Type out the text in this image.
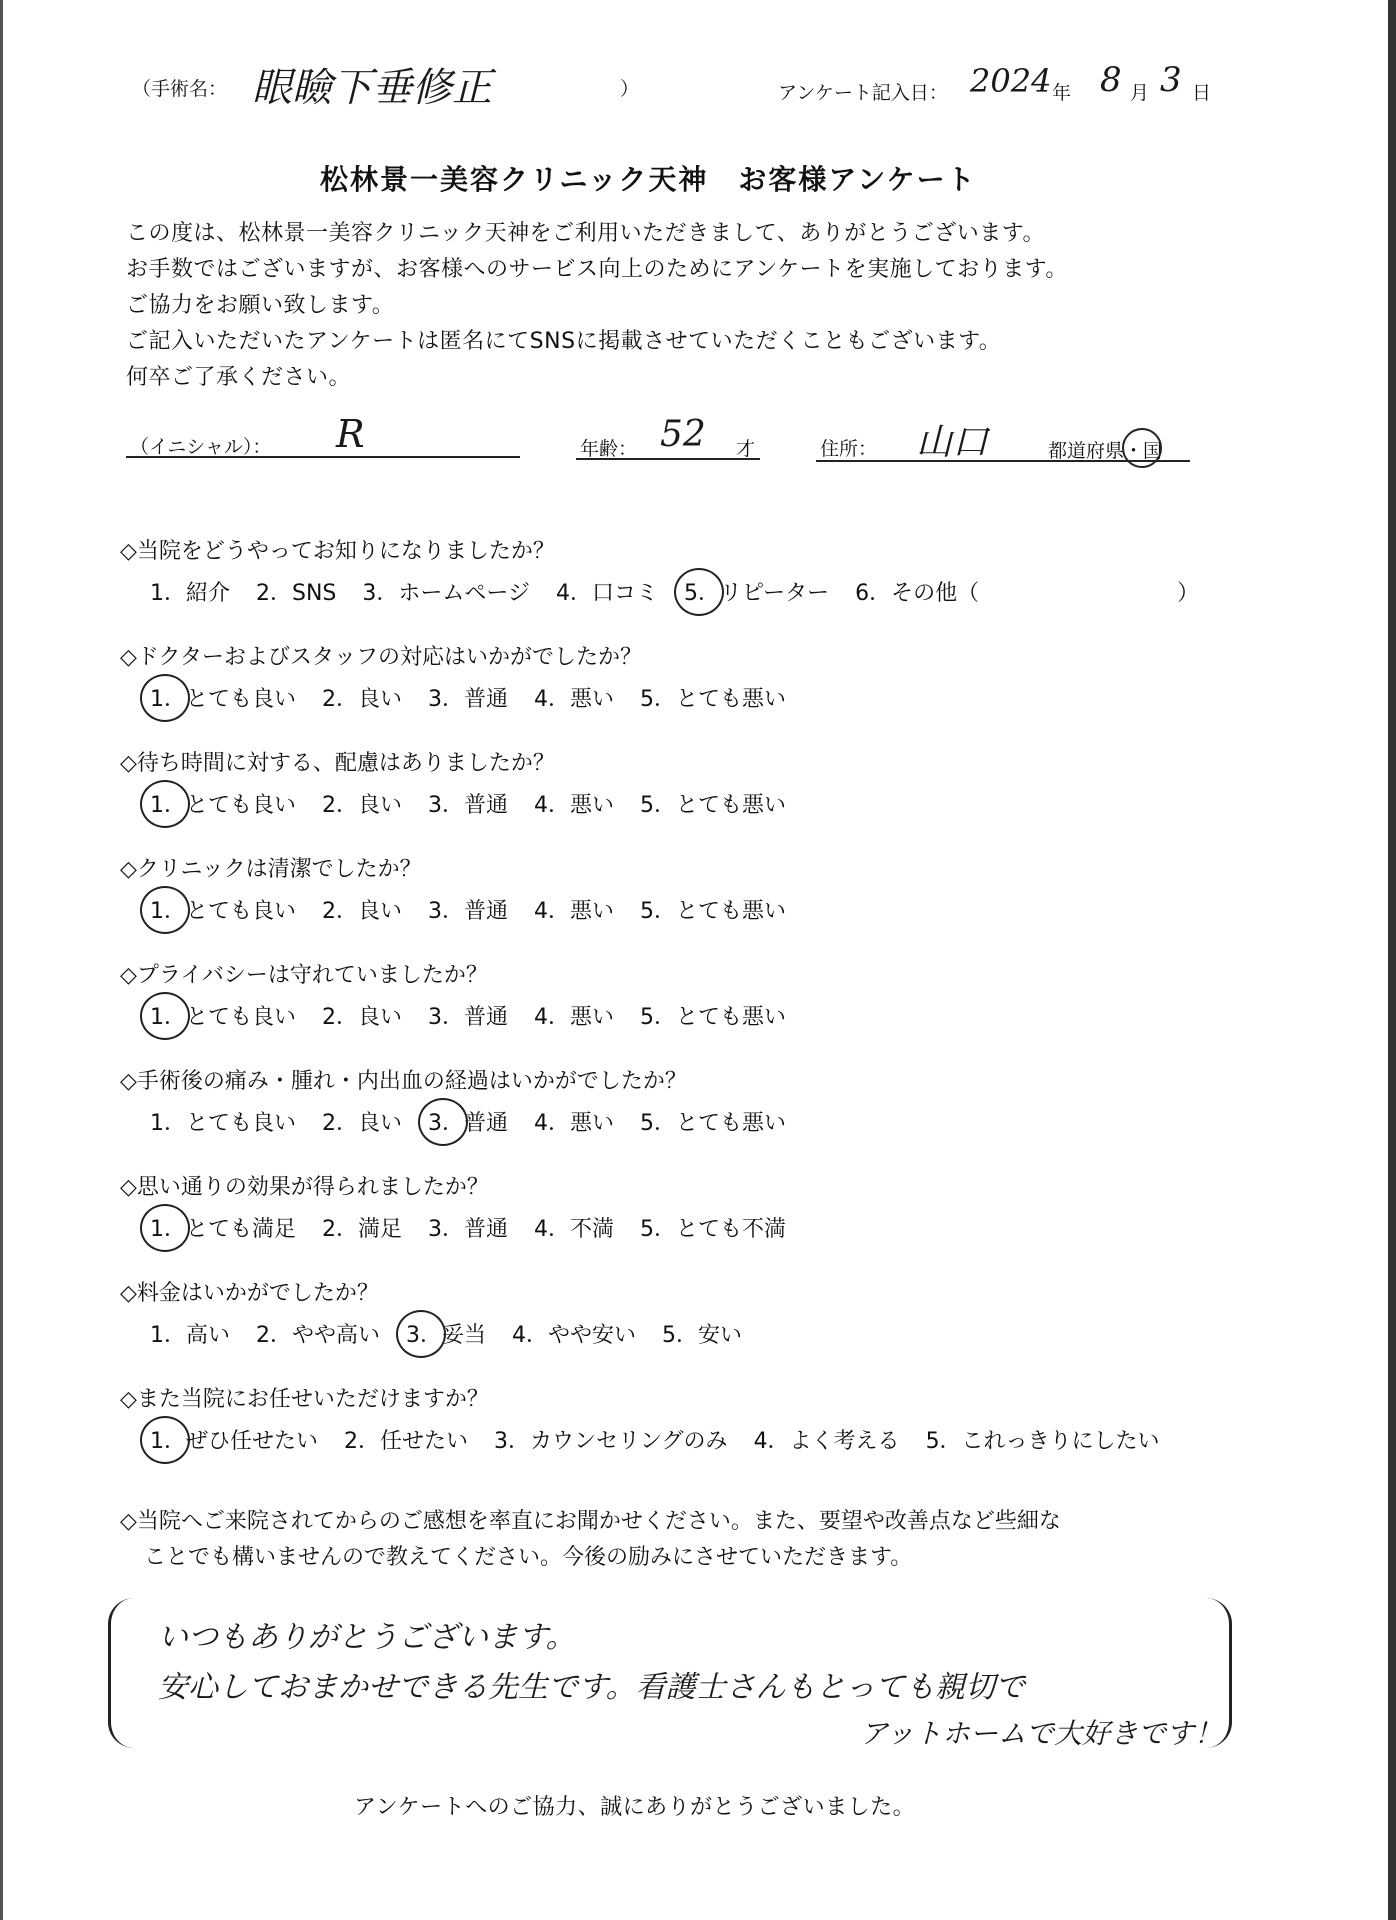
（手術名： 眼瞼下垂修正	）	アンケート記入日： 2024 年 8 月 3 日
松林景一美容クリニック天神　お客様アンケート
この度は、松林景一美容クリニック天神をご利用いただきまして、ありがとうございます。
お手数ではございますが、お客様へのサービス向上のためにアンケートを実施しております。
ご協力をお願い致します。
ご記入いただいたアンケートは匿名にてSNSに掲載させていただくこともございます。
何卒ご了承ください。
（イニシャル）： R	年齢： 52 才	住所： 山口	都道府県・国
◇当院をどうやってお知りになりましたか？
1．紹介 2．SNS 3．ホームページ 4．口コミ 5．リピーター 6．その他（　　　　　　　　　）
◇ドクターおよびスタッフの対応はいかがでしたか？
1．とても良い 2．良い 3．普通 4．悪い 5．とても悪い
◇待ち時間に対する、配慮はありましたか？
1．とても良い 2．良い 3．普通 4．悪い 5．とても悪い
◇クリニックは清潔でしたか？
1．とても良い 2．良い 3．普通 4．悪い 5．とても悪い
◇プライバシーは守れていましたか？
1．とても良い 2．良い 3．普通 4．悪い 5．とても悪い
◇手術後の痛み・腫れ・内出血の経過はいかがでしたか？
1．とても良い 2．良い 3．普通 4．悪い 5．とても悪い
◇思い通りの効果が得られましたか？
1．とても満足 2．満足 3．普通 4．不満 5．とても不満
◇料金はいかがでしたか？
1．高い 2．やや高い 3．妥当 4．やや安い 5．安い
◇また当院にお任せいただけますか？
1．ぜひ任せたい 2．任せたい 3．カウンセリングのみ 4．よく考える 5．これっきりにしたい
◇当院へご来院されてからのご感想を率直にお聞かせください。また、要望や改善点など些細な
ことでも構いませんので教えてください。今後の励みにさせていただきます。
いつもありがとうございます。
安心しておまかせできる先生です。看護士さんもとっても親切で
アットホームで大好きです！
アンケートへのご協力、誠にありがとうございました。
